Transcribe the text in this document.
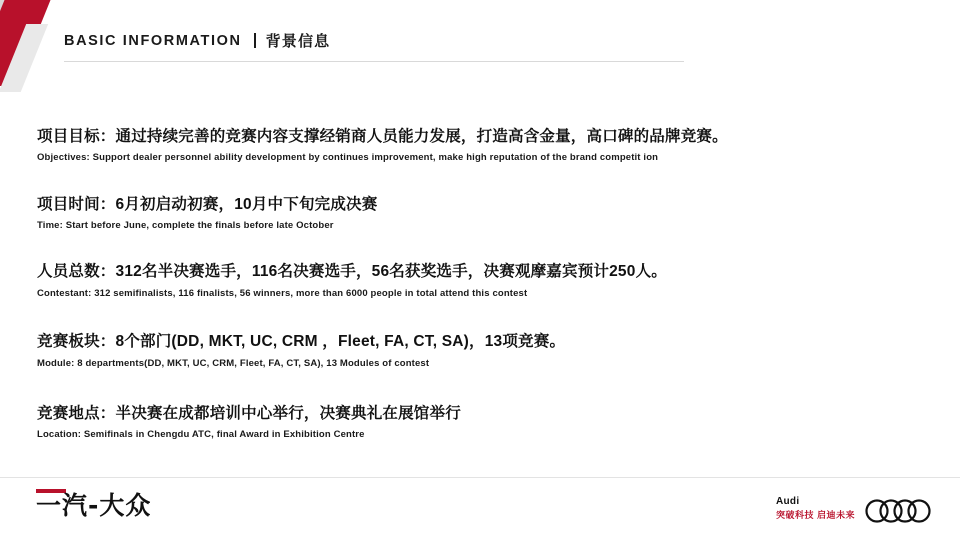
BASIC INFORMATION 背景信息
项目目标：通过持续完善的竞赛内容支撑经销商人员能力发展，打造高含金量，高口碑的品牌竞赛。
Objectives: Support dealer personnel ability development by continues improvement, make high reputation of the brand competit ion
项目时间：6月初启动初赛，10月中下旬完成决赛
Time: Start before June, complete the finals before late October
人员总数：312名半决赛选手，116名决赛选手，56名获奖选手，决赛观摩嘉宾预计250人。
Contestant: 312 semifinalists, 116 finalists, 56 winners, more than 6000 people in total attend this contest
竞赛板块：8个部门(DD, MKT, UC, CRM ，Fleet, FA, CT, SA)，13项竞赛。
Module: 8 departments(DD, MKT, UC, CRM, Fleet, FA, CT, SA), 13 Modules of contest
竞赛地点：半决赛在成都培训中心举行，决赛典礼在展馆举行
Location: Semifinals in Chengdu ATC, final Award in Exhibition Centre
一汽-大众	Audi
突破科技 启迪未来
